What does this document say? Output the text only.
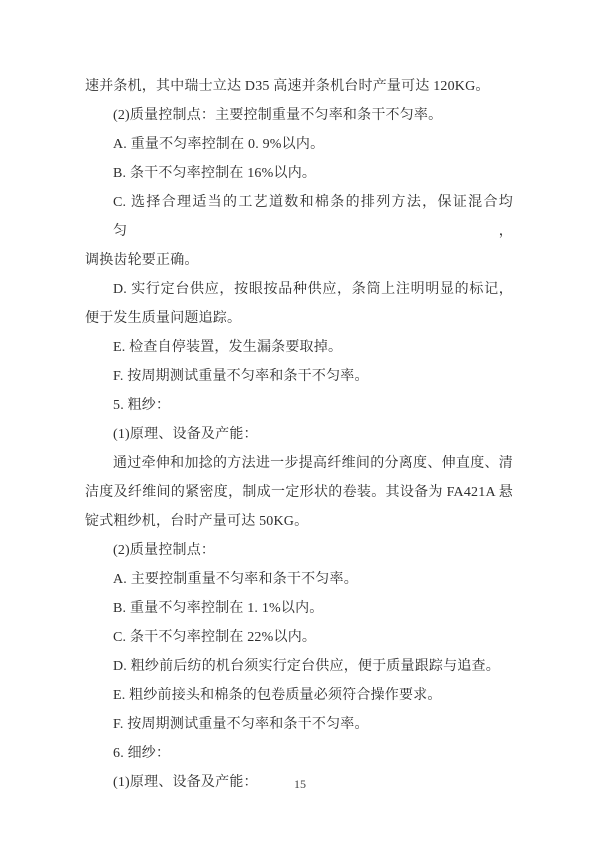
速并条机，其中瑞士立达 D35 高速并条机台时产量可达 120KG。

(2)质量控制点：主要控制重量不匀率和条干不匀率。

A. 重量不匀率控制在 0. 9%以内。

B. 条干不匀率控制在 16%以内。

C. 选择合理适当的工艺道数和棉条的排列方法，保证混合均匀，
调换齿轮要正确。

D. 实行定台供应，按眼按品种供应，条筒上注明明显的标记，
便于发生质量问题追踪。

E. 检查自停装置，发生漏条要取掉。

F. 按周期测试重量不匀率和条干不匀率。

5. 粗纱：

(1)原理、设备及产能：

通过牵伸和加捻的方法进一步提高纤维间的分离度、伸直度、清
洁度及纤维间的紧密度，制成一定形状的卷装。其设备为 FA421A 悬
锭式粗纱机，台时产量可达 50KG。

(2)质量控制点：

A. 主要控制重量不匀率和条干不匀率。

B. 重量不匀率控制在 1. 1%以内。

C. 条干不匀率控制在 22%以内。

D. 粗纱前后纺的机台须实行定台供应，便于质量跟踪与追查。

E. 粗纱前接头和棉条的包卷质量必须符合操作要求。

F. 按周期测试重量不匀率和条干不匀率。

6. 细纱：

(1)原理、设备及产能：	15
